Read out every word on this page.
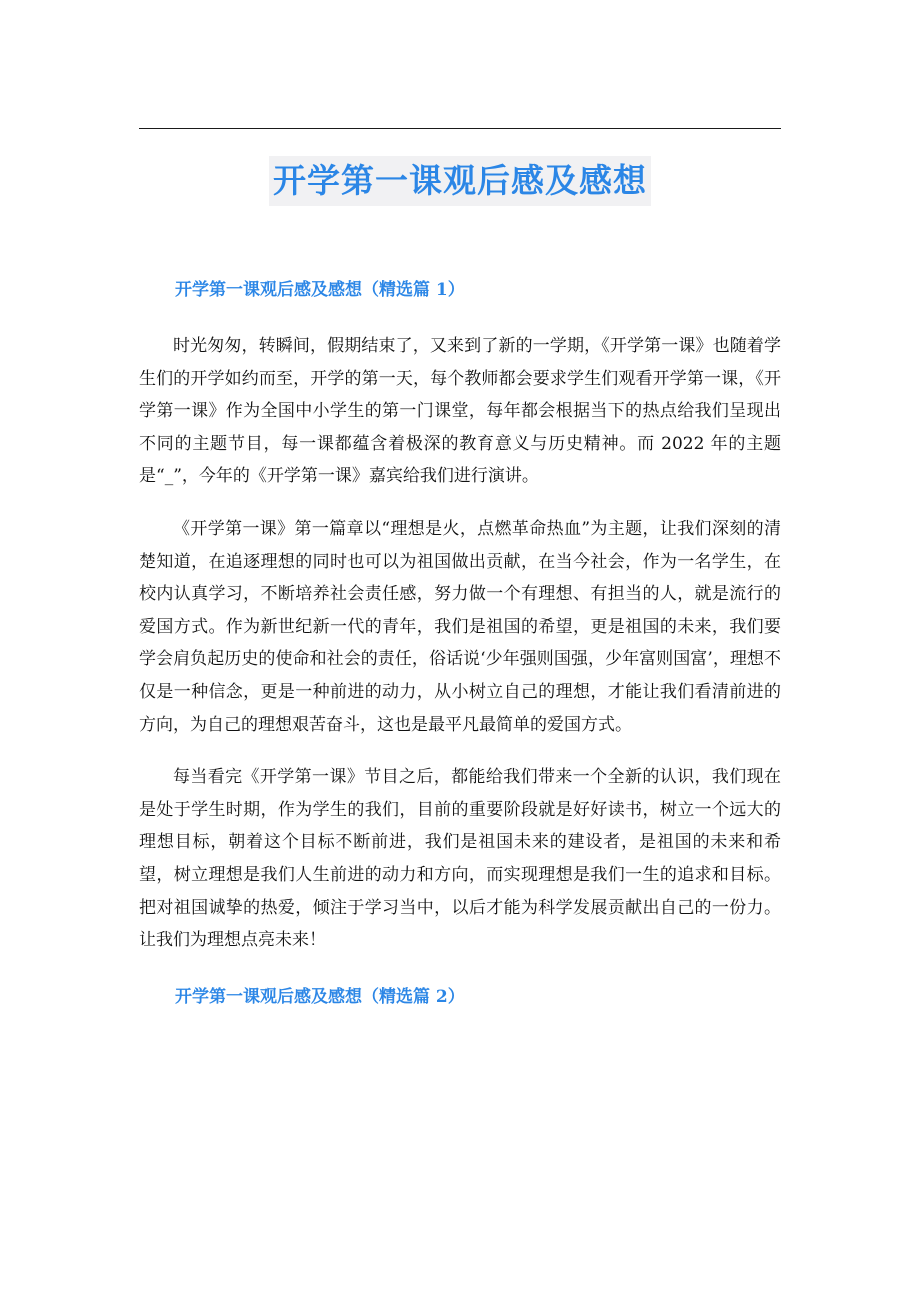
开学第一课观后感及感想
开学第一课观后感及感想（精选篇 1）

时光匆匆，转瞬间，假期结束了，又来到了新的一学期，《开学第一课》也随着学生们的开学如约而至，开学的第一天，每个教师都会要求学生们观看开学第一课，《开学第一课》作为全国中小学生的第一门课堂，每年都会根据当下的热点给我们呈现出不同的主题节目，每一课都蕴含着极深的教育意义与历史精神。而 2022 年的主题是“_”，今年的《开学第一课》嘉宾给我们进行演讲。

《开学第一课》第一篇章以“理想是火，点燃革命热血”为主题，让我们深刻的清楚知道，在追逐理想的同时也可以为祖国做出贡献，在当今社会，作为一名学生，在校内认真学习，不断培养社会责任感，努力做一个有理想、有担当的人，就是流行的爱国方式。作为新世纪新一代的青年，我们是祖国的希望，更是祖国的未来，我们要学会肩负起历史的使命和社会的责任，俗话说‘少年强则国强，少年富则国富’，理想不仅是一种信念，更是一种前进的动力，从小树立自己的理想，才能让我们看清前进的方向，为自己的理想艰苦奋斗，这也是最平凡最简单的爱国方式。

每当看完《开学第一课》节目之后，都能给我们带来一个全新的认识，我们现在是处于学生时期，作为学生的我们，目前的重要阶段就是好好读书，树立一个远大的理想目标，朝着这个目标不断前进，我们是祖国未来的建设者，是祖国的未来和希望，树立理想是我们人生前进的动力和方向，而实现理想是我们一生的追求和目标。把对祖国诚挚的热爱，倾注于学习当中，以后才能为科学发展贡献出自己的一份力。让我们为理想点亮未来！

开学第一课观后感及感想（精选篇 2）
